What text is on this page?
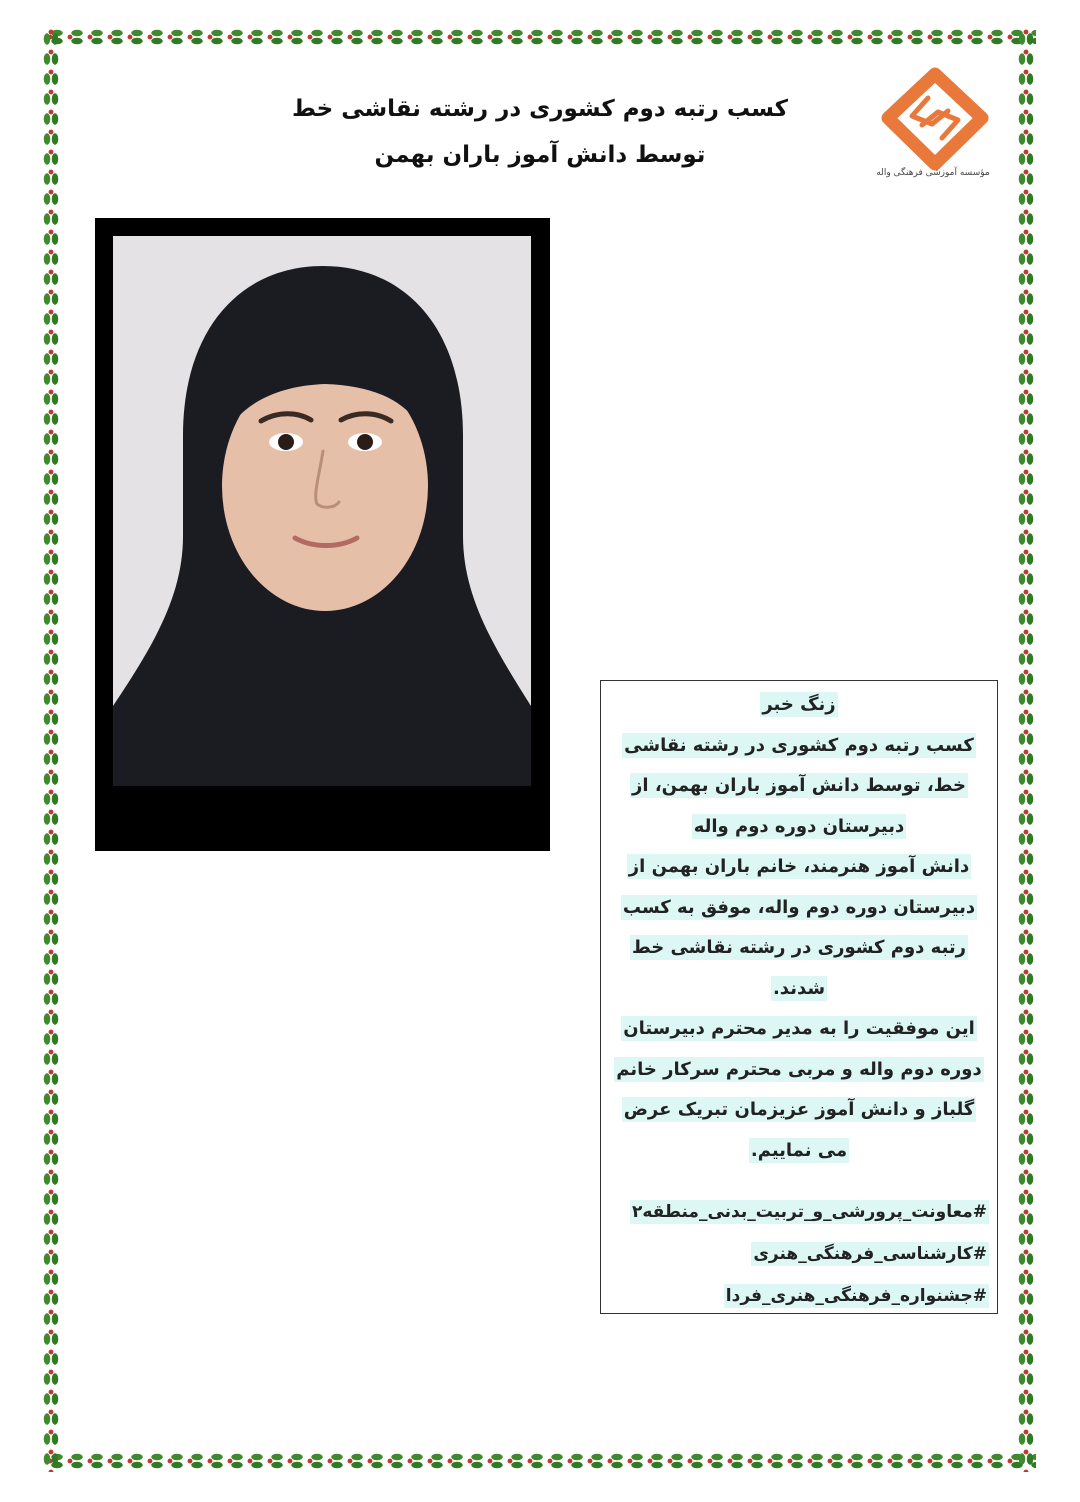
کسب رتبه دوم کشوری در رشته نقاشی خط
توسط دانش آموز باران بهمن
مؤسسه آموزشی فرهنگی واله
زنگ خبر
کسب رتبه دوم کشوری در رشته نقاشی
خط، توسط دانش آموز باران بهمن، از
دبیرستان دوره دوم واله
دانش آموز هنرمند، خانم باران بهمن از
دبیرستان دوره دوم واله، موفق به کسب
رتبه دوم کشوری در رشته نقاشی خط
شدند.
این موفقیت را به مدیر محترم دبیرستان
دوره دوم واله و مربی محترم سرکار خانم
گلباز و دانش آموز عزیزمان تبریک عرض
می نماییم.
#معاونت_پرورشی_و_تربیت_بدنی_منطقه۲
#کارشناسی_فرهنگی_هنری
#جشنواره_فرهنگی_هنری_فردا
